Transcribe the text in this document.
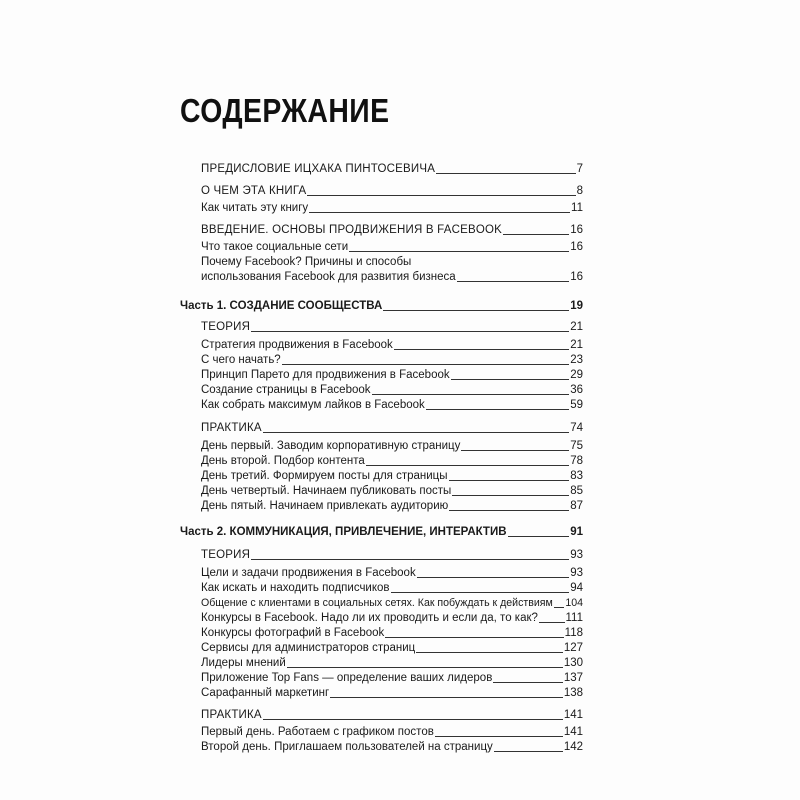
СОДЕРЖАНИЕ
ПРЕДИСЛОВИЕ ИЦХАКА ПИНТОСЕВИЧА	7
О ЧЕМ ЭТА КНИГА	8
Как читать эту книгу	11
ВВЕДЕНИЕ. ОСНОВЫ ПРОДВИЖЕНИЯ В FACEBOOK	16
Что такое социальные сети	16
Почему Facebook? Причины и способы
использования Facebook для развития бизнеса	16
Часть 1. СОЗДАНИЕ СООБЩЕСТВА	19
ТЕОРИЯ	21
Стратегия продвижения в Facebook	21
С чего начать?	23
Принцип Парето для продвижения в Facebook	29
Создание страницы в Facebook	36
Как собрать максимум лайков в Facebook	59
ПРАКТИКА	74
День первый. Заводим корпоративную страницу	75
День второй. Подбор контента	78
День третий. Формируем посты для страницы	83
День четвертый. Начинаем публиковать посты	85
День пятый. Начинаем привлекать аудиторию	87
Часть 2. КОММУНИКАЦИЯ, ПРИВЛЕЧЕНИЕ, ИНТЕРАКТИВ	91
ТЕОРИЯ	93
Цели и задачи продвижения в Facebook	93
Как искать и находить подписчиков	94
Общение с клиентами в социальных сетях. Как побуждать к действиям 104
Конкурсы в Facebook. Надо ли их проводить и если да, то как? 111
Конкурсы фотографий в Facebook	118
Сервисы для администраторов страниц	127
Лидеры мнений	130
Приложение Top Fans — определение ваших лидеров	137
Сарафанный маркетинг	138
ПРАКТИКА	141
Первый день. Работаем с графиком постов	141
Второй день. Приглашаем пользователей на страницу	142
